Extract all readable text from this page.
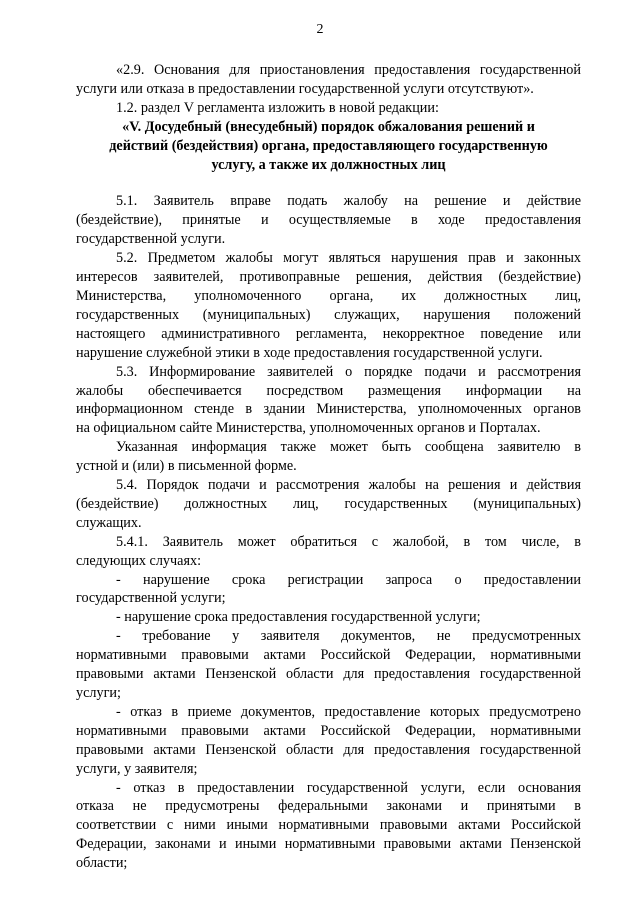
2

«2.9. Основания для приостановления предоставления государственной
услуги или отказа в предоставлении государственной услуги отсутствуют».

1.2. раздел V регламента изложить в новой редакции:

«V. Досудебный (внесудебный) порядок обжалования решений и
действий (бездействия) органа, предоставляющего государственную
услугу, а также их должностных лиц

5.1. Заявитель вправе подать жалобу на решение и действие
(бездействие), принятые и осуществляемые в ходе предоставления
государственной услуги.

5.2. Предметом жалобы могут являться нарушения прав и законных
интересов заявителей, противоправные решения, действия (бездействие)
Министерства, уполномоченного органа, их должностных лиц,
государственных (муниципальных) служащих, нарушения положений
настоящего административного регламента, некорректное поведение или
нарушение служебной этики в ходе предоставления государственной услуги.

5.3. Информирование заявителей о порядке подачи и рассмотрения
жалобы обеспечивается посредством размещения информации на
информационном стенде в здании Министерства, уполномоченных органов
на официальном сайте Министерства, уполномоченных органов и Порталах.

Указанная информация также может быть сообщена заявителю в
устной и (или) в письменной форме.

5.4. Порядок подачи и рассмотрения жалобы на решения и действия
(бездействие) должностных лиц, государственных (муниципальных)
служащих.

5.4.1. Заявитель может обратиться с жалобой, в том числе, в
следующих случаях:

- нарушение срока регистрации запроса о предоставлении
государственной услуги;

- нарушение срока предоставления государственной услуги;

- требование у заявителя документов, не предусмотренных
нормативными правовыми актами Российской Федерации, нормативными
правовыми актами Пензенской области для предоставления государственной
услуги;

- отказ в приеме документов, предоставление которых предусмотрено
нормативными правовыми актами Российской Федерации, нормативными
правовыми актами Пензенской области для предоставления государственной
услуги, у заявителя;

- отказ в предоставлении государственной услуги, если основания
отказа не предусмотрены федеральными законами и принятыми в
соответствии с ними иными нормативными правовыми актами Российской
Федерации, законами и иными нормативными правовыми актами Пензенской
области;
